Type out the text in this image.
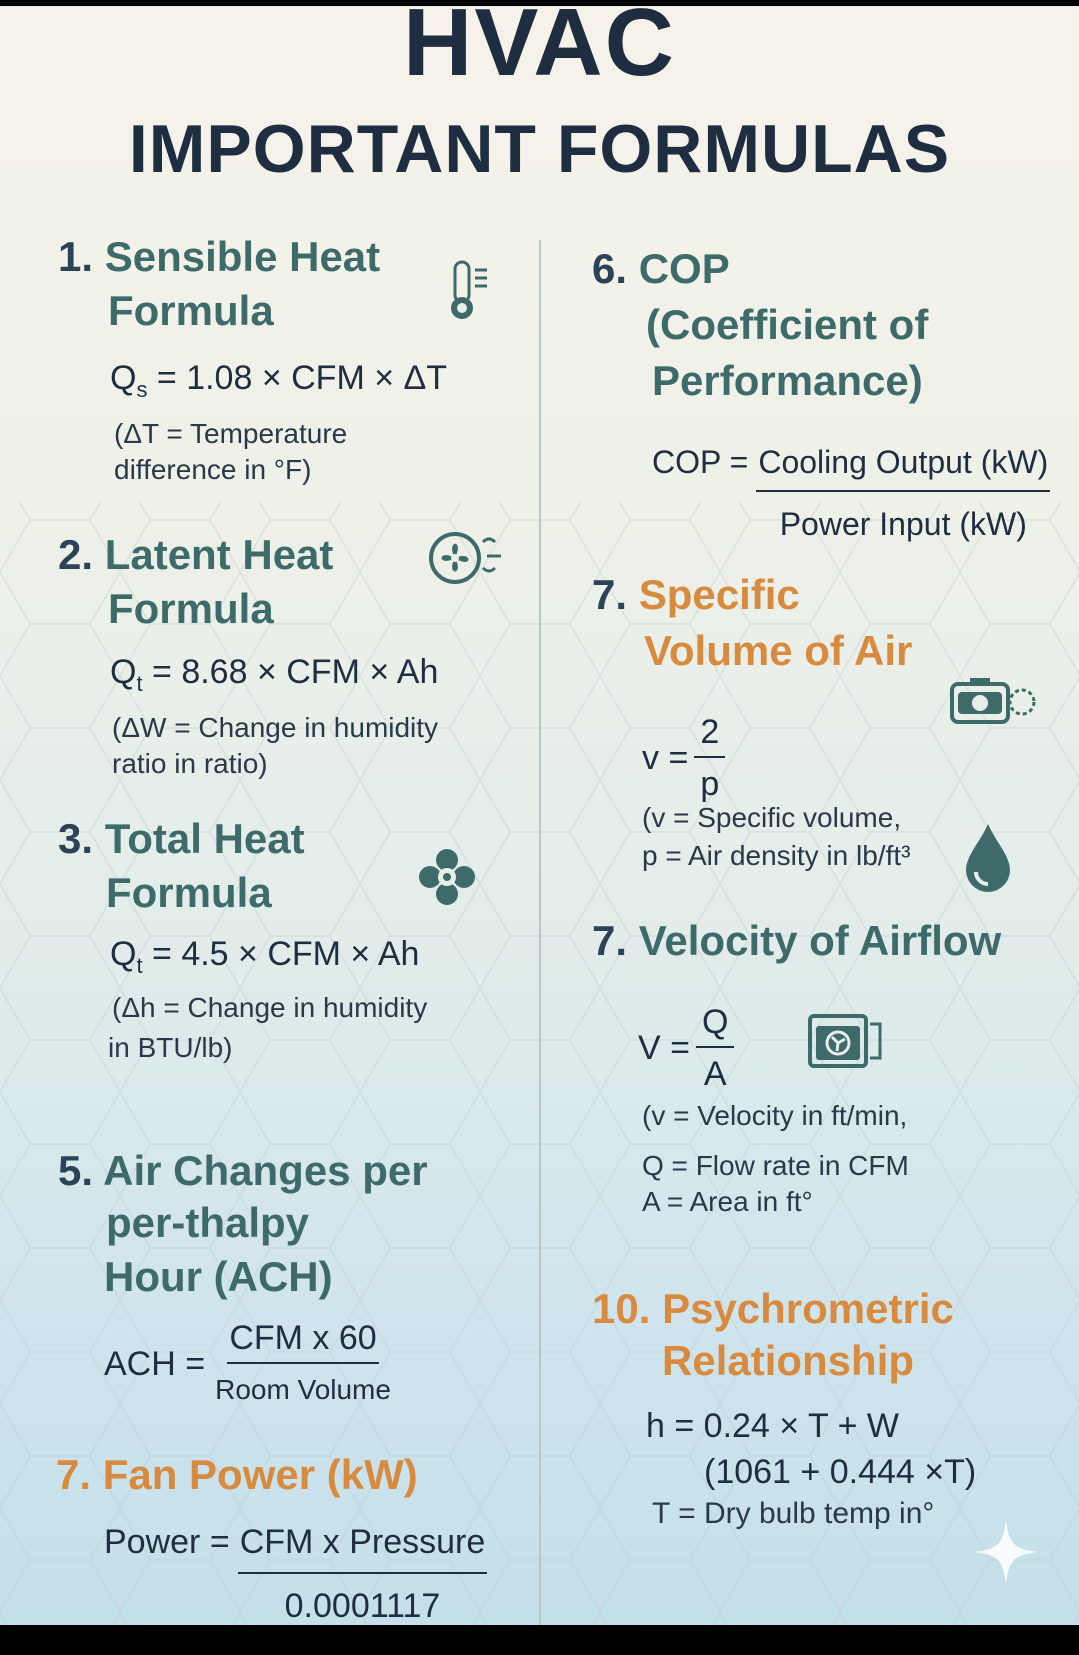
HVAC
IMPORTANT FORMULAS
1. Sensible Heat
Formula
$Q_s = 1.08$ × CFM × ΔT
(ΔT = Temperature
difference in °F)
2. Latent Heat
Formula
$Q_t = 8.68$ × CFM × Ah
(ΔW = Change in humidity
ratio in ratio)
3. Total Heat
Formula
$Q_t = 4.5$ × CFM × Ah
(Δh = Change in humidity
in BTU/lb)
5. Air Changes per
per‑thalpy
Hour (ACH)
ACH = $\frac{\text{CFM x 60}}{\text{Room Volume}}$
7. Fan Power (kW)
Power = $\frac{\text{CFM x Pressure}}{0.0001117}$
6. COP
(Coefficient of
Performance)
COP = $\frac{\text{Cooling Output (kW)}}{\text{Power Input (kW)}}$
7. Specific
Volume of Air
$v = \frac{2}{p}$
(v = Specific volume,
p = Air density in lb/ft³
7. Velocity of Airflow
$V = \frac{Q}{A}$
(v = Velocity in ft/min,
Q = Flow rate in CFM
A = Area in ft°
10. Psychrometric
Relationship
h = 0.24 × T + W
(1061 + 0.444 ×T)
T = Dry bulb temp in°
